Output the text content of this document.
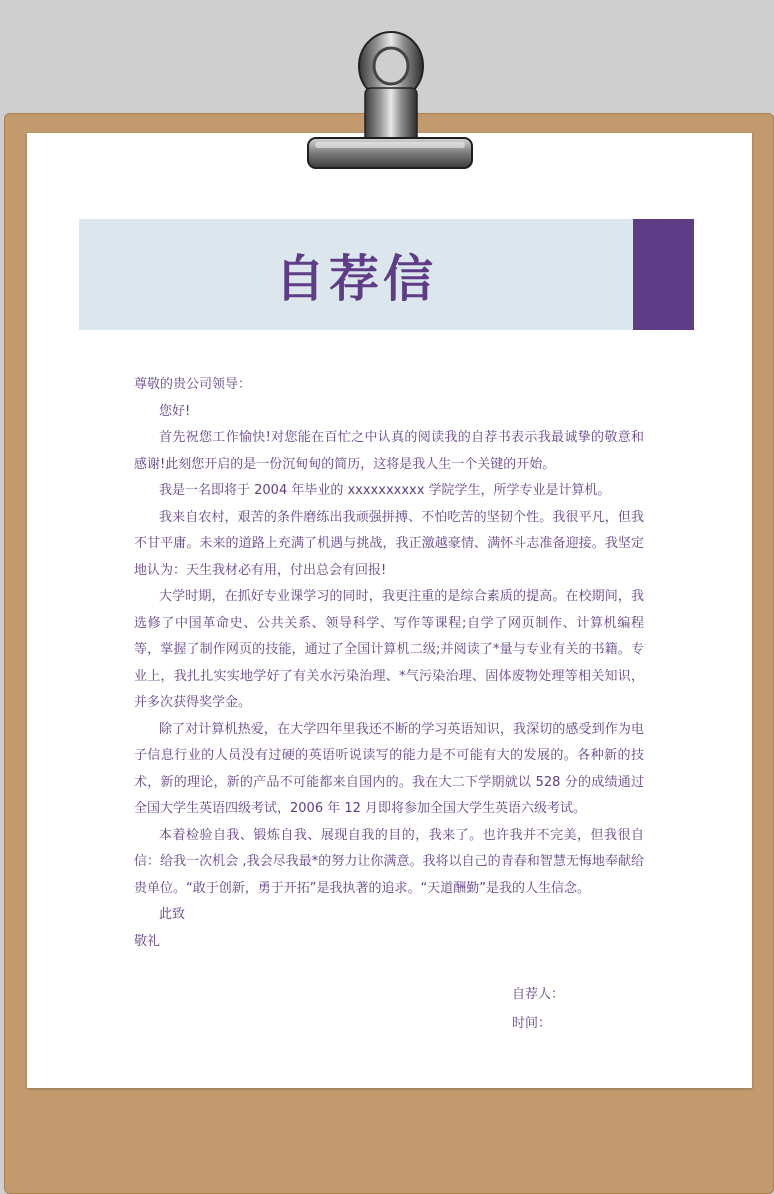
自荐信

尊敬的贵公司领导：

您好!

首先祝您工作愉快!对您能在百忙之中认真的阅读我的自荐书表示我最诚挚的敬意和感谢!此刻您开启的是一份沉甸甸的简历，这将是我人生一个关键的开始。

我是一名即将于 2004 年毕业的 xxxxxxxxxx 学院学生，所学专业是计算机。

我来自农村，艰苦的条件磨练出我顽强拼搏、不怕吃苦的坚韧个性。我很平凡，但我不甘平庸。未来的道路上充满了机遇与挑战，我正激越豪情、满怀斗志准备迎接。我坚定地认为：天生我材必有用，付出总会有回报!

大学时期，在抓好专业课学习的同时，我更注重的是综合素质的提高。在校期间，我选修了中国革命史、公共关系、领导科学、写作等课程;自学了网页制作、计算机编程等，掌握了制作网页的技能，通过了全国计算机二级;并阅读了*量与专业有关的书籍。专业上，我扎扎实实地学好了有关水污染治理、*气污染治理、固体废物处理等相关知识，并多次获得奖学金。

除了对计算机热爱，在大学四年里我还不断的学习英语知识，我深切的感受到作为电子信息行业的人员没有过硬的英语听说读写的能力是不可能有大的发展的。各种新的技术，新的理论，新的产品不可能都来自国内的。我在大二下学期就以 528 分的成绩通过全国大学生英语四级考试，2006 年 12 月即将参加全国大学生英语六级考试。

本着检验自我、锻炼自我、展现自我的目的，我来了。也许我并不完美，但我很自信：给我一次机会 ,我会尽我最*的努力让你满意。我将以自己的青春和智慧无悔地奉献给贵单位。“敢于创新，勇于开拓”是我执著的追求。“天道酬勤”是我的人生信念。

此致

敬礼

自荐人：
时间：
